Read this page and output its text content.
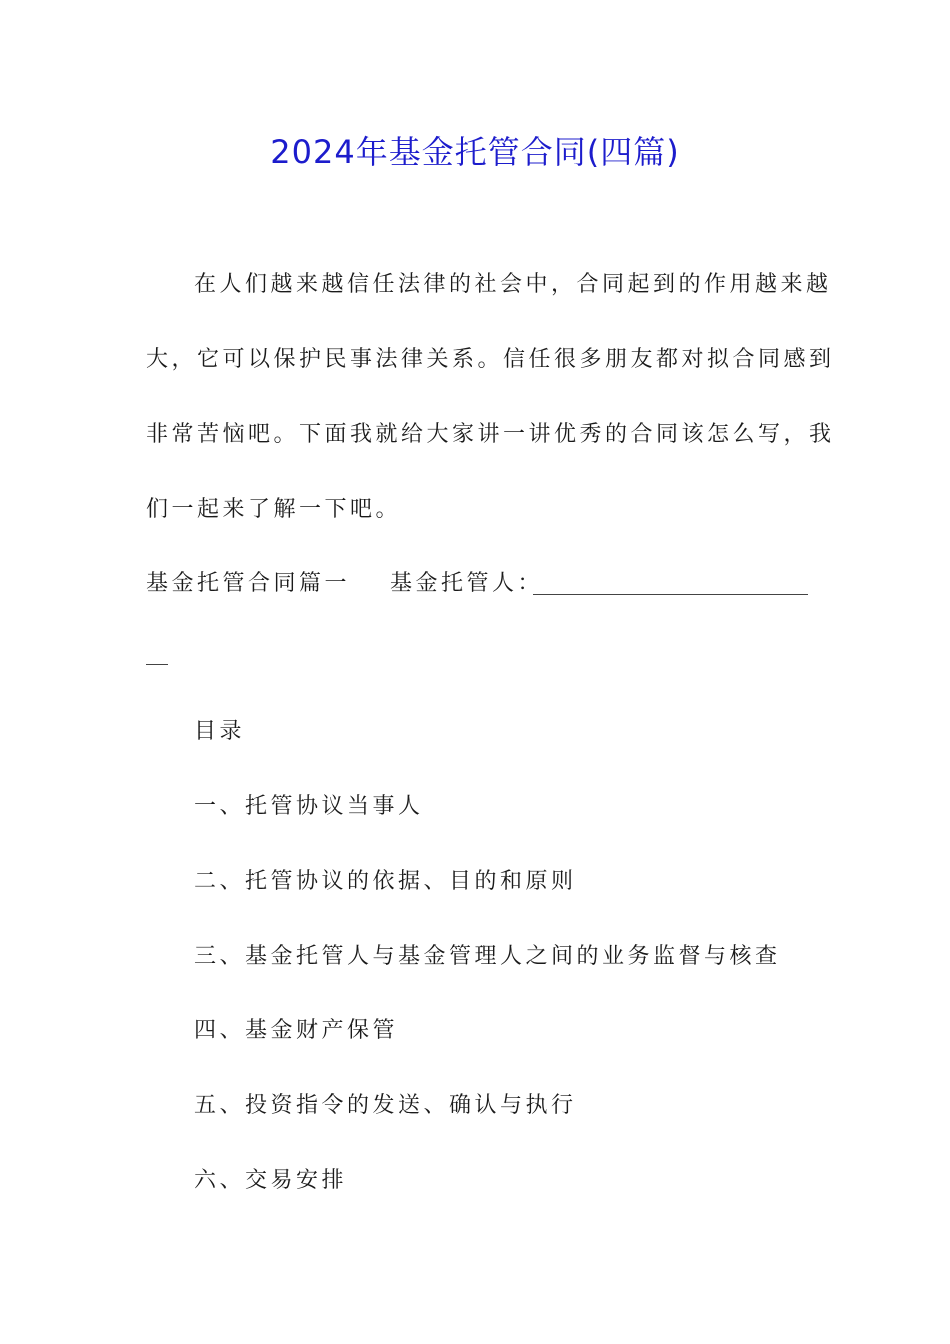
2024年基金托管合同(四篇)
在人们越来越信任法律的社会中，合同起到的作用越来越
大，它可以保护民事法律关系。信任很多朋友都对拟合同感到
非常苦恼吧。下面我就给大家讲一讲优秀的合同该怎么写，我
们一起来了解一下吧。
基金托管合同篇一 基金托管人：
目录
一、托管协议当事人
二、托管协议的依据、目的和原则
三、基金托管人与基金管理人之间的业务监督与核查
四、基金财产保管
五、投资指令的发送、确认与执行
六、交易安排
